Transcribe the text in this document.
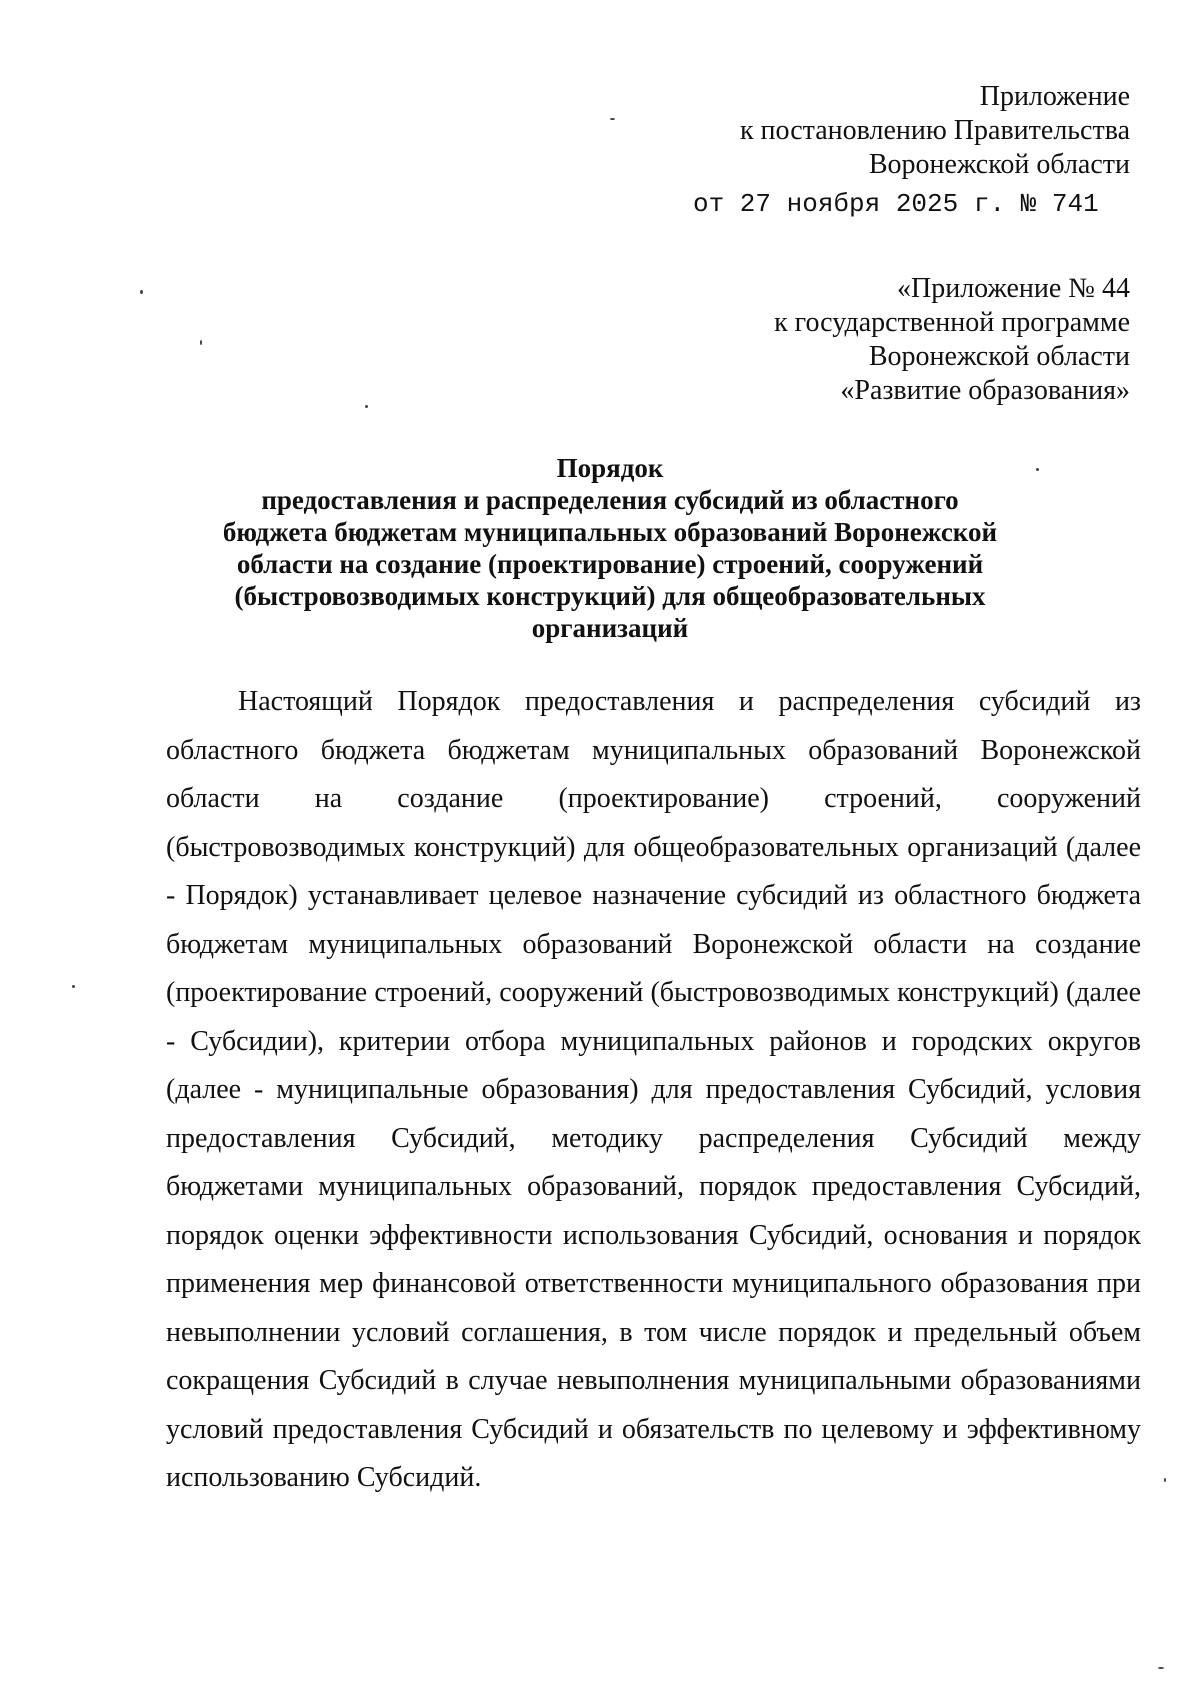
Приложение
к постановлению Правительства
Воронежской области
от 27 ноября 2025 г. № 741
«Приложение № 44
к государственной программе
Воронежской области
«Развитие образования»
Порядок
предоставления и распределения субсидий из областного
бюджета бюджетам муниципальных образований Воронежской
области на создание (проектирование) строений, сооружений
(быстровозводимых конструкций) для общеобразовательных
организаций

Настоящий Порядок предоставления и распределения субсидий из областного бюджета бюджетам муниципальных образований Воронежской области на создание (проектирование) строений, сооружений (быстровозводимых конструкций) для общеобразовательных организаций (далее - Порядок) устанавливает целевое назначение субсидий из областного бюджета бюджетам муниципальных образований Воронежской области на создание (проектирование строений, сооружений (быстровозводимых конструкций) (далее - Субсидии), критерии отбора муниципальных районов и городских округов (далее - муниципальные образования) для предоставления Субсидий, условия предоставления Субсидий, методику распределения Субсидий между бюджетами муниципальных образований, порядок предоставления Субсидий, порядок оценки эффективности использования Субсидий, основания и порядок применения мер финансовой ответственности муниципального образования при невыполнении условий соглашения, в том числе порядок и предельный объем сокращения Субсидий в случае невыполнения муниципальными образованиями условий предоставления Субсидий и обязательств по целевому и эффективному использованию Субсидий.
